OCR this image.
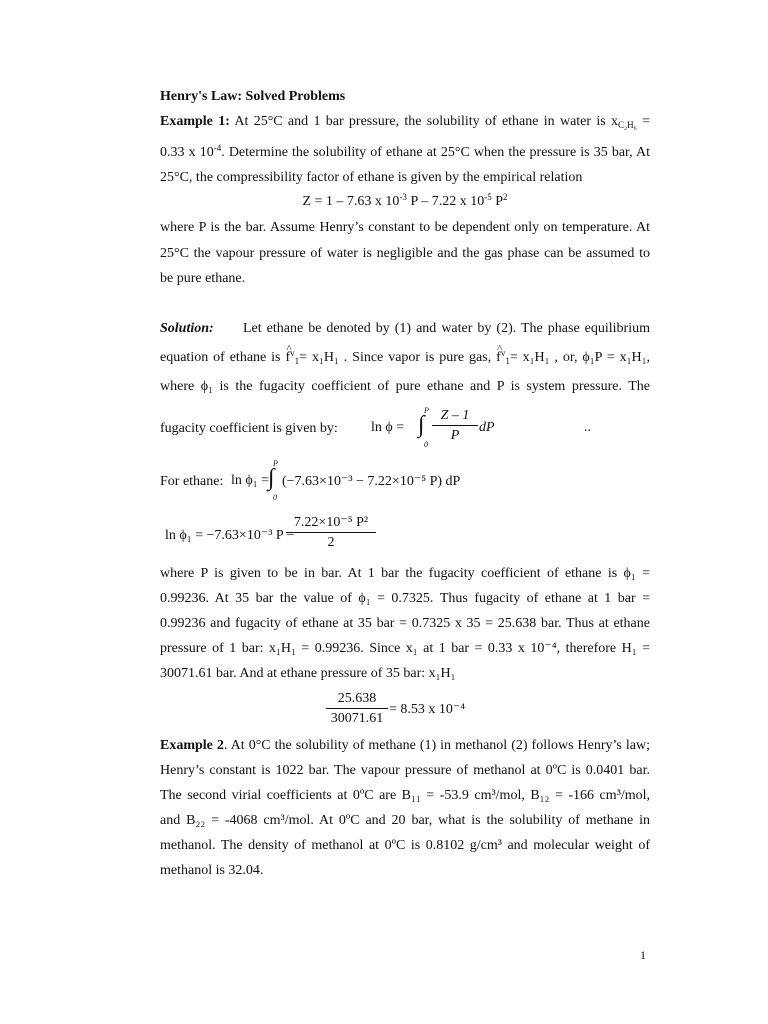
Henry's Law: Solved Problems
Example 1: At 25°C and 1 bar pressure, the solubility of ethane in water is $x_{C_2H_6}$ =
0.33 x $10^{-4}$. Determine the solubility of ethane at 25°C when the pressure is 35 bar, At
25°C, the compressibility factor of ethane is given by the empirical relation
Z = 1 – 7.63 x $10^{-3}$ P – 7.22 x $10^{-5}$ $P^2$
where P is the bar. Assume Henry’s constant to be dependent only on temperature. At
25°C the vapour pressure of water is negligible and the gas phase can be assumed to
be pure ethane.
Solution: Let ethane be denoted by (1) and water by (2). The phase equilibrium
equation of ethane is ^ $f^v_1= x_1H_1$ . Since vapor is pure gas, ^ $f^v_1= x_1H_1$ , or, ϕ₁P = x₁H₁,
where ϕ₁ is the fugacity coefficient of pure ethane and P is system pressure. The
fugacity coefficient is given by:	ln ϕ = ∫
P
0
$\frac{Z - 1}{P}$ dP	..
For ethane: ln ϕ₁ =
∫
P
0
(−7.63×10⁻³ − 7.22×10⁻⁵ P) dP
ln ϕ₁ = −7.63×10⁻³ P −
$\frac{\text{7.22×10⁻⁵ P²}}{2}$
where P is given to be in bar. At 1 bar the fugacity coefficient of ethane is ϕ₁ =
0.99236. At 35 bar the value of ϕ₁ = 0.7325. Thus fugacity of ethane at 1 bar =
0.99236 and fugacity of ethane at 35 bar = 0.7325 x 35 = 25.638 bar. Thus at ethane
pressure of 1 bar: x₁H₁ = 0.99236. Since x₁ at 1 bar = 0.33 x 10⁻⁴, therefore H₁ =
30071.61 bar. And at ethane pressure of 35 bar: x₁H₁
$\frac{25.638}{30071.61} = 8.53$ x 10⁻⁴
Example 2. At 0°C the solubility of methane (1) in methanol (2) follows Henry’s law;
Henry’s constant is 1022 bar. The vapour pressure of methanol at 0ºC is 0.0401 bar.
The second virial coefficients at 0ºC are B₁₁ = -53.9 cm³/mol, B₁₂ = -166 cm³/mol,
and B₂₂ = -4068 cm³/mol. At 0ºC and 20 bar, what is the solubility of methane in
methanol. The density of methanol at 0ºC is 0.8102 g/cm³ and molecular weight of
methanol is 32.04.
1
